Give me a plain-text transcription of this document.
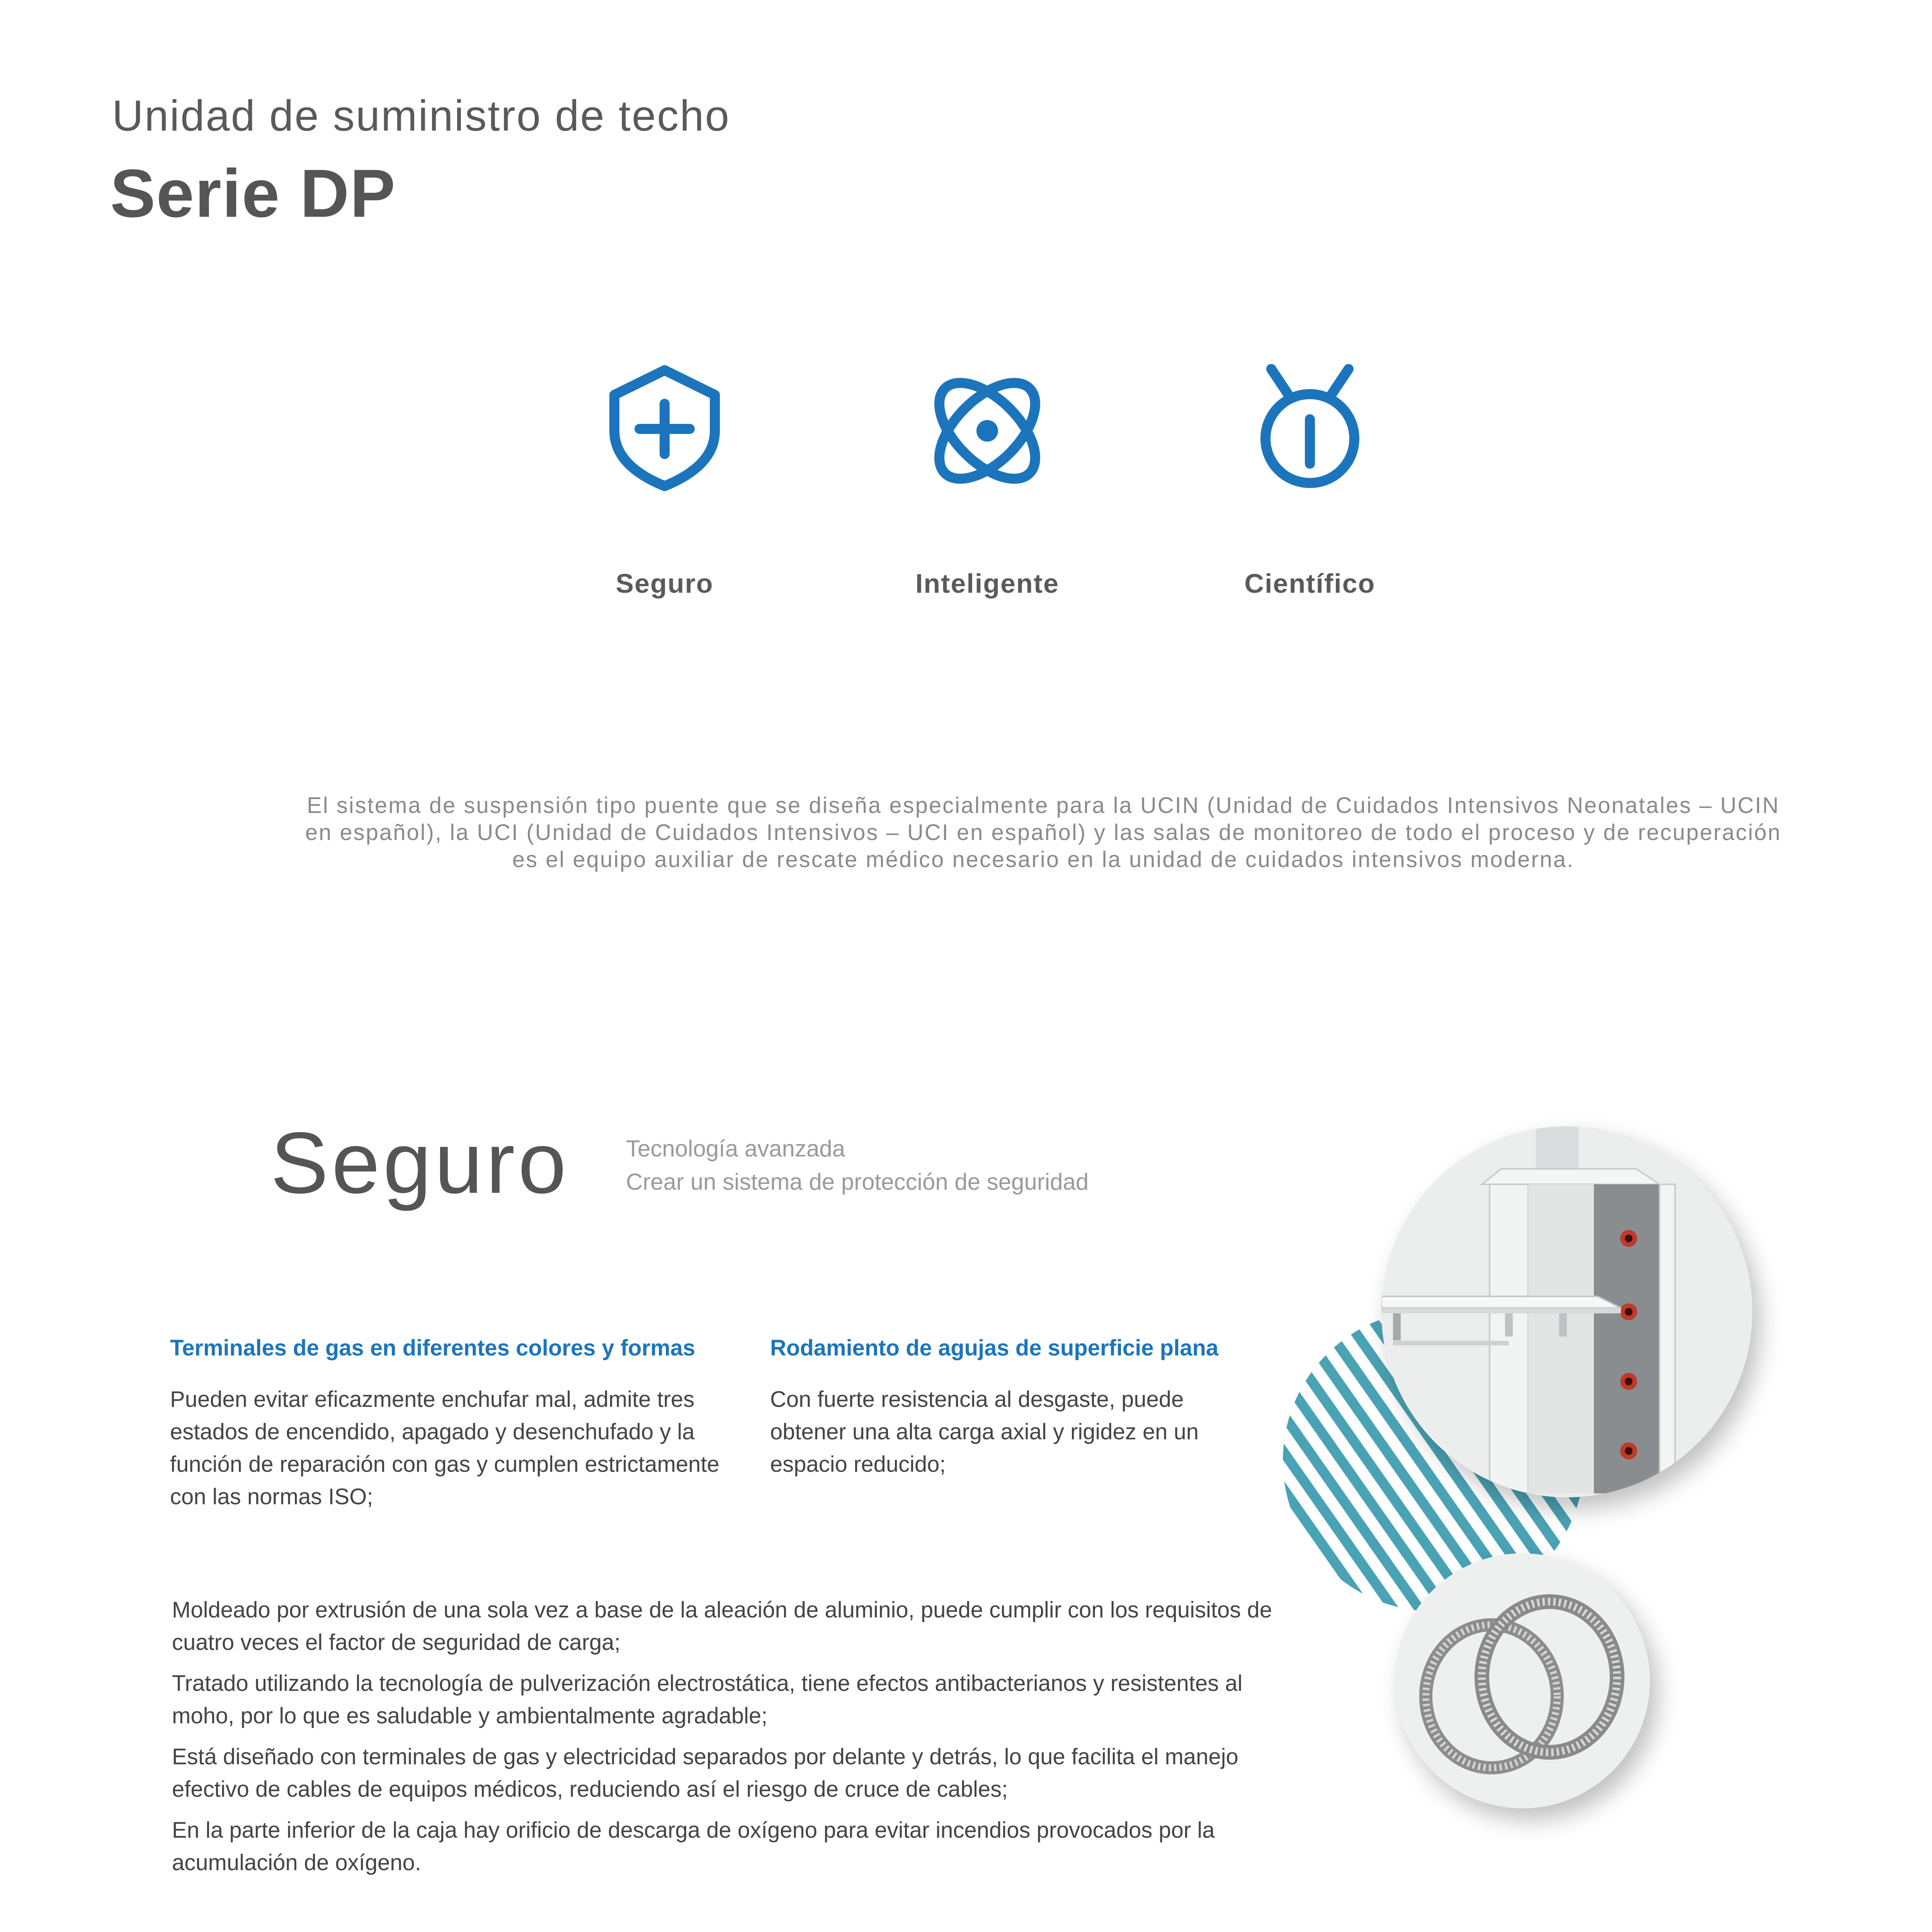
Unidad de suministro de techo
Serie DP
Seguro	Inteligente	Científico
El sistema de suspensión tipo puente que se diseña especialmente para la UCIN (Unidad de Cuidados Intensivos Neonatales – UCIN en español), la UCI (Unidad de Cuidados Intensivos – UCI en español) y las salas de monitoreo de todo el proceso y de recuperación es el equipo auxiliar de rescate médico necesario en la unidad de cuidados intensivos moderna.
Seguro Tecnología avanzada
Crear un sistema de protección de seguridad
Terminales de gas en diferentes colores y formas
Pueden evitar eficazmente enchufar mal, admite tres estados de encendido, apagado y desenchufado y la función de reparación con gas y cumplen estrictamente con las normas ISO;
Rodamiento de agujas de superficie plana
Con fuerte resistencia al desgaste, puede obtener una alta carga axial y rigidez en un espacio reducido;

Moldeado por extrusión de una sola vez a base de la aleación de aluminio, puede cumplir con los requisitos de cuatro veces el factor de seguridad de carga;

Tratado utilizando la tecnología de pulverización electrostática, tiene efectos antibacterianos y resistentes al moho, por lo que es saludable y ambientalmente agradable;

Está diseñado con terminales de gas y electricidad separados por delante y detrás, lo que facilita el manejo efectivo de cables de equipos médicos, reduciendo así el riesgo de cruce de cables;

En la parte inferior de la caja hay orificio de descarga de oxígeno para evitar incendios provocados por la acumulación de oxígeno.
